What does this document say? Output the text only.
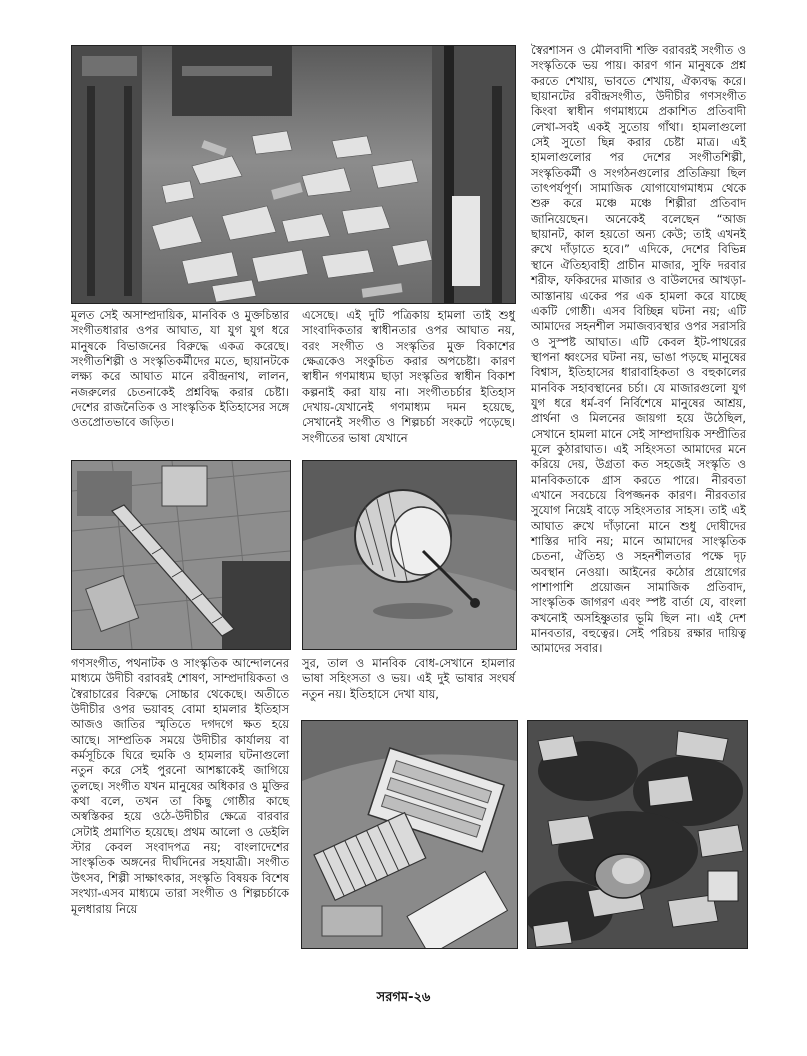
মূলত সেই অসাম্প্রদায়িক, মানবিক ও মুক্তচিন্তার সংগীতধারার ওপর আঘাত, যা যুগ যুগ ধরে মানুষকে বিভাজনের বিরুদ্ধে একত্র করেছে। সংগীতশিল্পী ও সংস্কৃতিকর্মীদের মতে, ছায়ানটকে লক্ষ্য করে আঘাত মানে রবীন্দ্রনাথ, লালন, নজরুলের চেতনাকেই প্রশ্নবিদ্ধ করার চেষ্টা। দেশের রাজনৈতিক ও সাংস্কৃতিক ইতিহাসের সঙ্গে ওতপ্রোতভাবে জড়িত।

এসেছে। এই দুটি পত্রিকায় হামলা তাই শুধু সাংবাদিকতার স্বাধীনতার ওপর আঘাত নয়, বরং সংগীত ও সংস্কৃতির মুক্ত বিকাশের ক্ষেত্রকেও সংকুচিত করার অপচেষ্টা। কারণ স্বাধীন গণমাধ্যম ছাড়া সংস্কৃতির স্বাধীন বিকাশ কল্পনাই করা যায় না। সংগীতচর্চার ইতিহাস দেখায়-যেখানেই গণমাধ্যম দমন হয়েছে, সেখানেই সংগীত ও শিল্পচর্চা সংকটে পড়েছে। সংগীতের ভাষা যেখানে

স্বৈরশাসন ও মৌলবাদী শক্তি বরাবরই সংগীত ও সংস্কৃতিকে ভয় পায়। কারণ গান মানুষকে প্রশ্ন করতে শেখায়, ভাবতে শেখায়, ঐক্যবদ্ধ করে। ছায়ানটের রবীন্দ্রসংগীত, উদীচীর গণসংগীত কিংবা স্বাধীন গণমাধ্যমে প্রকাশিত প্রতিবাদী লেখা-সবই একই সুতোয় গাঁথা। হামলাগুলো সেই সুতো ছিন্ন করার চেষ্টা মাত্র। এই হামলাগুলোর পর দেশের সংগীতশিল্পী, সংস্কৃতিকর্মী ও সংগঠনগুলোর প্রতিক্রিয়া ছিল তাৎপর্যপূর্ণ। সামাজিক যোগাযোগমাধ্যম থেকে শুরু করে মঞ্চে মঞ্চে শিল্পীরা প্রতিবাদ জানিয়েছেন। অনেকেই বলেছেন “আজ ছায়ানট, কাল হয়তো অন্য কেউ; তাই এখনই রুখে দাঁড়াতে হবে।” এদিকে, দেশের বিভিন্ন স্থানে ঐতিহ্যবাহী প্রাচীন মাজার, সুফি দরবার শরীফ, ফকিরদের মাজার ও বাউলদের আখড়া-আস্তানায় একের পর এক হামলা করে যাচ্ছে একটি গোষ্ঠী। এসব বিচ্ছিন্ন ঘটনা নয়; এটি আমাদের সহনশীল সমাজব্যবস্থার ওপর সরাসরি ও সুস্পষ্ট আঘাত। এটি কেবল ইট-পাথরের স্থাপনা ধ্বংসের ঘটনা নয়, ভাঙা পড়ছে মানুষের বিশ্বাস, ইতিহাসের ধারাবাহিকতা ও বহুকালের মানবিক সহাবস্থানের চর্চা। যে মাজারগুলো যুগ যুগ ধরে ধর্ম-বর্ণ নির্বিশেষে মানুষের আশ্রয়, প্রার্থনা ও মিলনের জায়গা হয়ে উঠেছিল, সেখানে হামলা মানে সেই সাম্প্রদায়িক সম্প্রীতির মূলে কুঠারাঘাত। এই সহিংসতা আমাদের মনে করিয়ে দেয়, উগ্রতা কত সহজেই সংস্কৃতি ও মানবিকতাকে গ্রাস করতে পারে। নীরবতা এখানে সবচেয়ে বিপজ্জনক কারণ। নীরবতার সুযোগ নিয়েই বাড়ে সহিংসতার সাহস। তাই এই আঘাত রুখে দাঁড়ানো মানে শুধু দোষীদের শাস্তির দাবি নয়; মানে আমাদের সাংস্কৃতিক চেতনা, ঐতিহ্য ও সহনশীলতার পক্ষে দৃঢ় অবস্থান নেওয়া। আইনের কঠোর প্রয়োগের পাশাপাশি প্রয়োজন সামাজিক প্রতিবাদ, সাংস্কৃতিক জাগরণ এবং স্পষ্ট বার্তা যে, বাংলা কখনোই অসহিষ্ণুতার ভূমি ছিল না। এই দেশ মানবতার, বহুত্বের। সেই পরিচয় রক্ষার দায়িত্ব আমাদের সবার।

গণসংগীত, পথনাটক ও সাংস্কৃতিক আন্দোলনের মাধ্যমে উদীচী বরাবরই শোষণ, সাম্প্রদায়িকতা ও স্বৈরাচারের বিরুদ্ধে সোচ্চার থেকেছে। অতীতে উদীচীর ওপর ভয়াবহ বোমা হামলার ইতিহাস আজও জাতির স্মৃতিতে দগদগে ক্ষত হয়ে আছে। সাম্প্রতিক সময়ে উদীচীর কার্যালয় বা কর্মসূচিকে ঘিরে হুমকি ও হামলার ঘটনাগুলো নতুন করে সেই পুরনো আশঙ্কাকেই জাগিয়ে তুলছে। সংগীত যখন মানুষের অধিকার ও মুক্তির কথা বলে, তখন তা কিছু গোষ্ঠীর কাছে অস্বস্তিকর হয়ে ওঠে-উদীচীর ক্ষেত্রে বারবার সেটাই প্রমাণিত হয়েছে। প্রথম আলো ও ডেইলি স্টার কেবল সংবাদপত্র নয়; বাংলাদেশের সাংস্কৃতিক অঙ্গনের দীর্ঘদিনের সহযাত্রী। সংগীত উৎসব, শিল্পী সাক্ষাৎকার, সংস্কৃতি বিষয়ক বিশেষ সংখ্যা-এসব মাধ্যমে তারা সংগীত ও শিল্পচর্চাকে মূলধারায় নিয়ে

সুর, তাল ও মানবিক বোধ-সেখানে হামলার ভাষা সহিংসতা ও ভয়। এই দুই ভাষার সংঘর্ষ নতুন নয়। ইতিহাসে দেখা যায়,

সরগম-২৬
